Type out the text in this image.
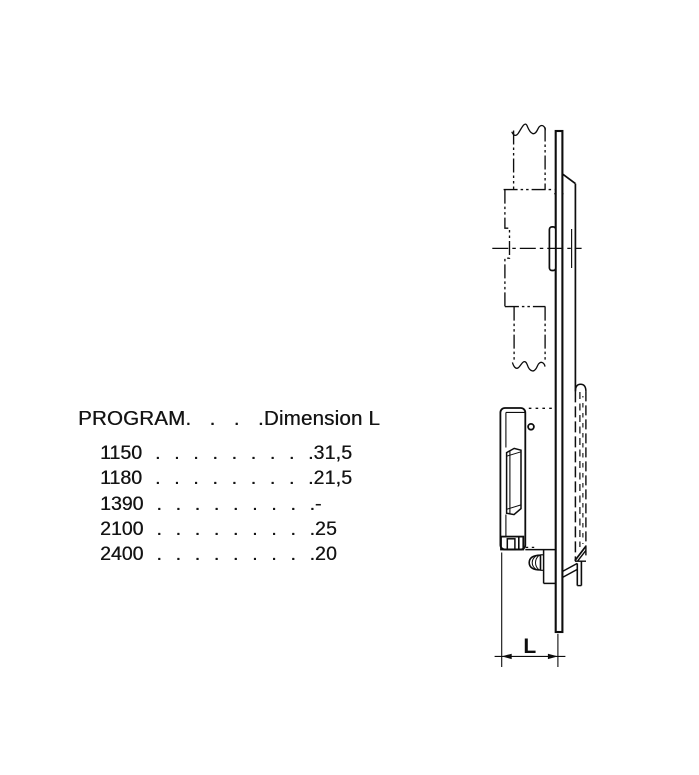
L
PROGRAM. . . .Dimension L
1150 . . . . . . . . .31,5
1180 . . . . . . . . .21,5
1390 . . . . . . . . .-
2100 . . . . . . . . .25
2400 . . . . . . . . .20
